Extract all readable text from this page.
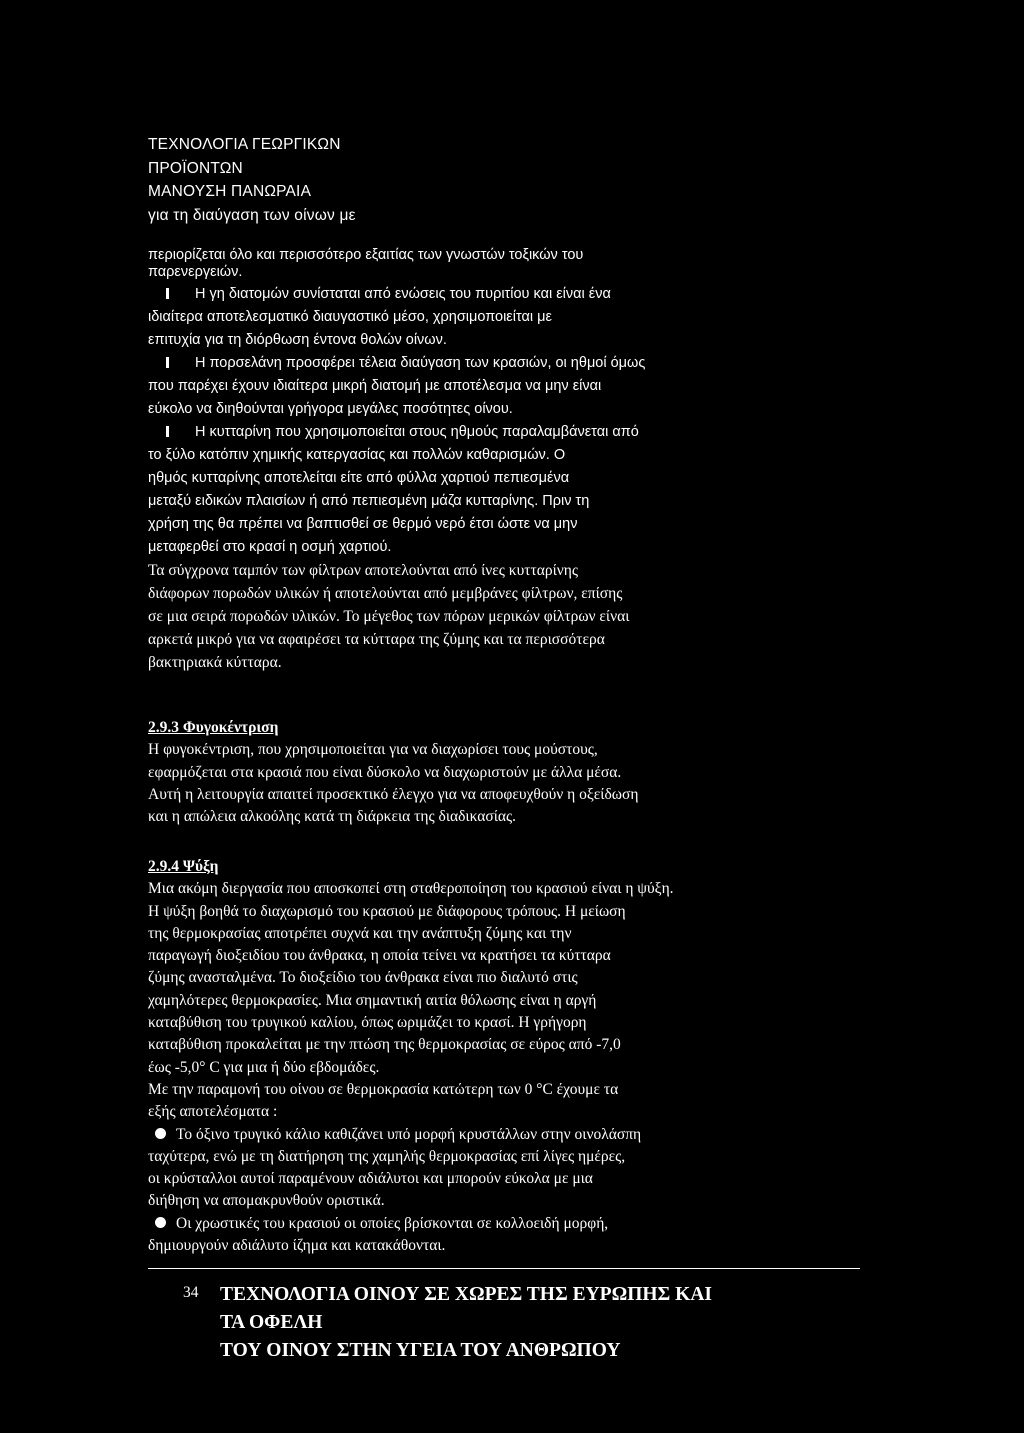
ΤΕΧΝΟΛΟΓΙΑ ΓΕΩΡΓΙΚΩΝ
ΠΡΟΪΟΝΤΩΝ
ΜΑΝΟΥΣΗ ΠΑΝΩΡΑΙΑ
για τη διαύγαση των οίνων με
περιορίζεται όλο και περισσότερο εξαιτίας των γνωστών τοξικών του
παρενεργειών.
Η γη διατομών συνίσταται από ενώσεις του πυριτίου και είναι ένα
ιδιαίτερα αποτελεσματικό διαυγαστικό μέσο, χρησιμοποιείται με
επιτυχία για τη διόρθωση έντονα θολών οίνων.
Η πορσελάνη προσφέρει τέλεια διαύγαση των κρασιών, οι ηθμοί όμως
που παρέχει έχουν ιδιαίτερα μικρή διατομή με αποτέλεσμα να μην είναι
εύκολο να διηθούνται γρήγορα μεγάλες ποσότητες οίνου.
Η κυτταρίνη που χρησιμοποιείται στους ηθμούς παραλαμβάνεται από
το ξύλο κατόπιν χημικής κατεργασίας και πολλών καθαρισμών. Ο
ηθμός κυτταρίνης αποτελείται είτε από φύλλα χαρτιού πεπιεσμένα
μεταξύ ειδικών πλαισίων ή από πεπιεσμένη μάζα κυτταρίνης. Πριν τη
χρήση της θα πρέπει να βαπτισθεί σε θερμό νερό έτσι ώστε να μην
μεταφερθεί στο κρασί η οσμή χαρτιού.
Τα σύγχρονα ταμπόν των φίλτρων αποτελούνται από ίνες κυτταρίνης
διάφορων πορωδών υλικών ή αποτελούνται από μεμβράνες φίλτρων, επίσης
σε μια σειρά πορωδών υλικών. Το μέγεθος των πόρων μερικών φίλτρων είναι
αρκετά μικρό για να αφαιρέσει τα κύτταρα της ζύμης και τα περισσότερα
βακτηριακά κύτταρα.
2.9.3 Φυγοκέντριση
Η φυγοκέντριση, που χρησιμοποιείται για να διαχωρίσει τους μούστους,
εφαρμόζεται στα κρασιά που είναι δύσκολο να διαχωριστούν με άλλα μέσα.
Αυτή η λειτουργία απαιτεί προσεκτικό έλεγχο για να αποφευχθούν η οξείδωση
και η απώλεια αλκοόλης κατά τη διάρκεια της διαδικασίας.
2.9.4 Ψύξη
Μια ακόμη διεργασία που αποσκοπεί στη σταθεροποίηση του κρασιού είναι η ψύξη.
Η ψύξη βοηθά το διαχωρισμό του κρασιού με διάφορους τρόπους. Η μείωση
της θερμοκρασίας αποτρέπει συχνά και την ανάπτυξη ζύμης και την
παραγωγή διοξειδίου του άνθρακα, η οποία τείνει να κρατήσει τα κύτταρα
ζύμης ανασταλμένα. Το διοξείδιο του άνθρακα είναι πιο διαλυτό στις
χαμηλότερες θερμοκρασίες. Μια σημαντική αιτία θόλωσης είναι η αργή
καταβύθιση του τρυγικού καλίου, όπως ωριμάζει το κρασί. Η γρήγορη
καταβύθιση προκαλείται με την πτώση της θερμοκρασίας σε εύρος από -7,0
έως -5,0° C για μια ή δύο εβδομάδες.
Με την παραμονή του οίνου σε θερμοκρασία κατώτερη των 0 °C έχουμε τα
εξής αποτελέσματα :
Το όξινο τρυγικό κάλιο καθιζάνει υπό μορφή κρυστάλλων στην οινολάσπη
ταχύτερα, ενώ με τη διατήρηση της χαμηλής θερμοκρασίας επί λίγες ημέρες,
οι κρύσταλλοι αυτοί παραμένουν αδιάλυτοι και μπορούν εύκολα με μια
διήθηση να απομακρυνθούν οριστικά.
Οι χρωστικές του κρασιού οι οποίες βρίσκονται σε κολλοειδή μορφή,
δημιουργούν αδιάλυτο ίζημα και κατακάθονται.
34 ΤΕΧΝΟΛΟΓΙΑ ΟΙΝΟΥ ΣΕ ΧΩΡΕΣ ΤΗΣ ΕΥΡΩΠΗΣ ΚΑΙ
ΤΑ ΟΦΕΛΗ
ΤΟΥ ΟΙΝΟΥ ΣΤΗΝ ΥΓΕΙΑ ΤΟΥ ΑΝΘΡΩΠΟΥ
